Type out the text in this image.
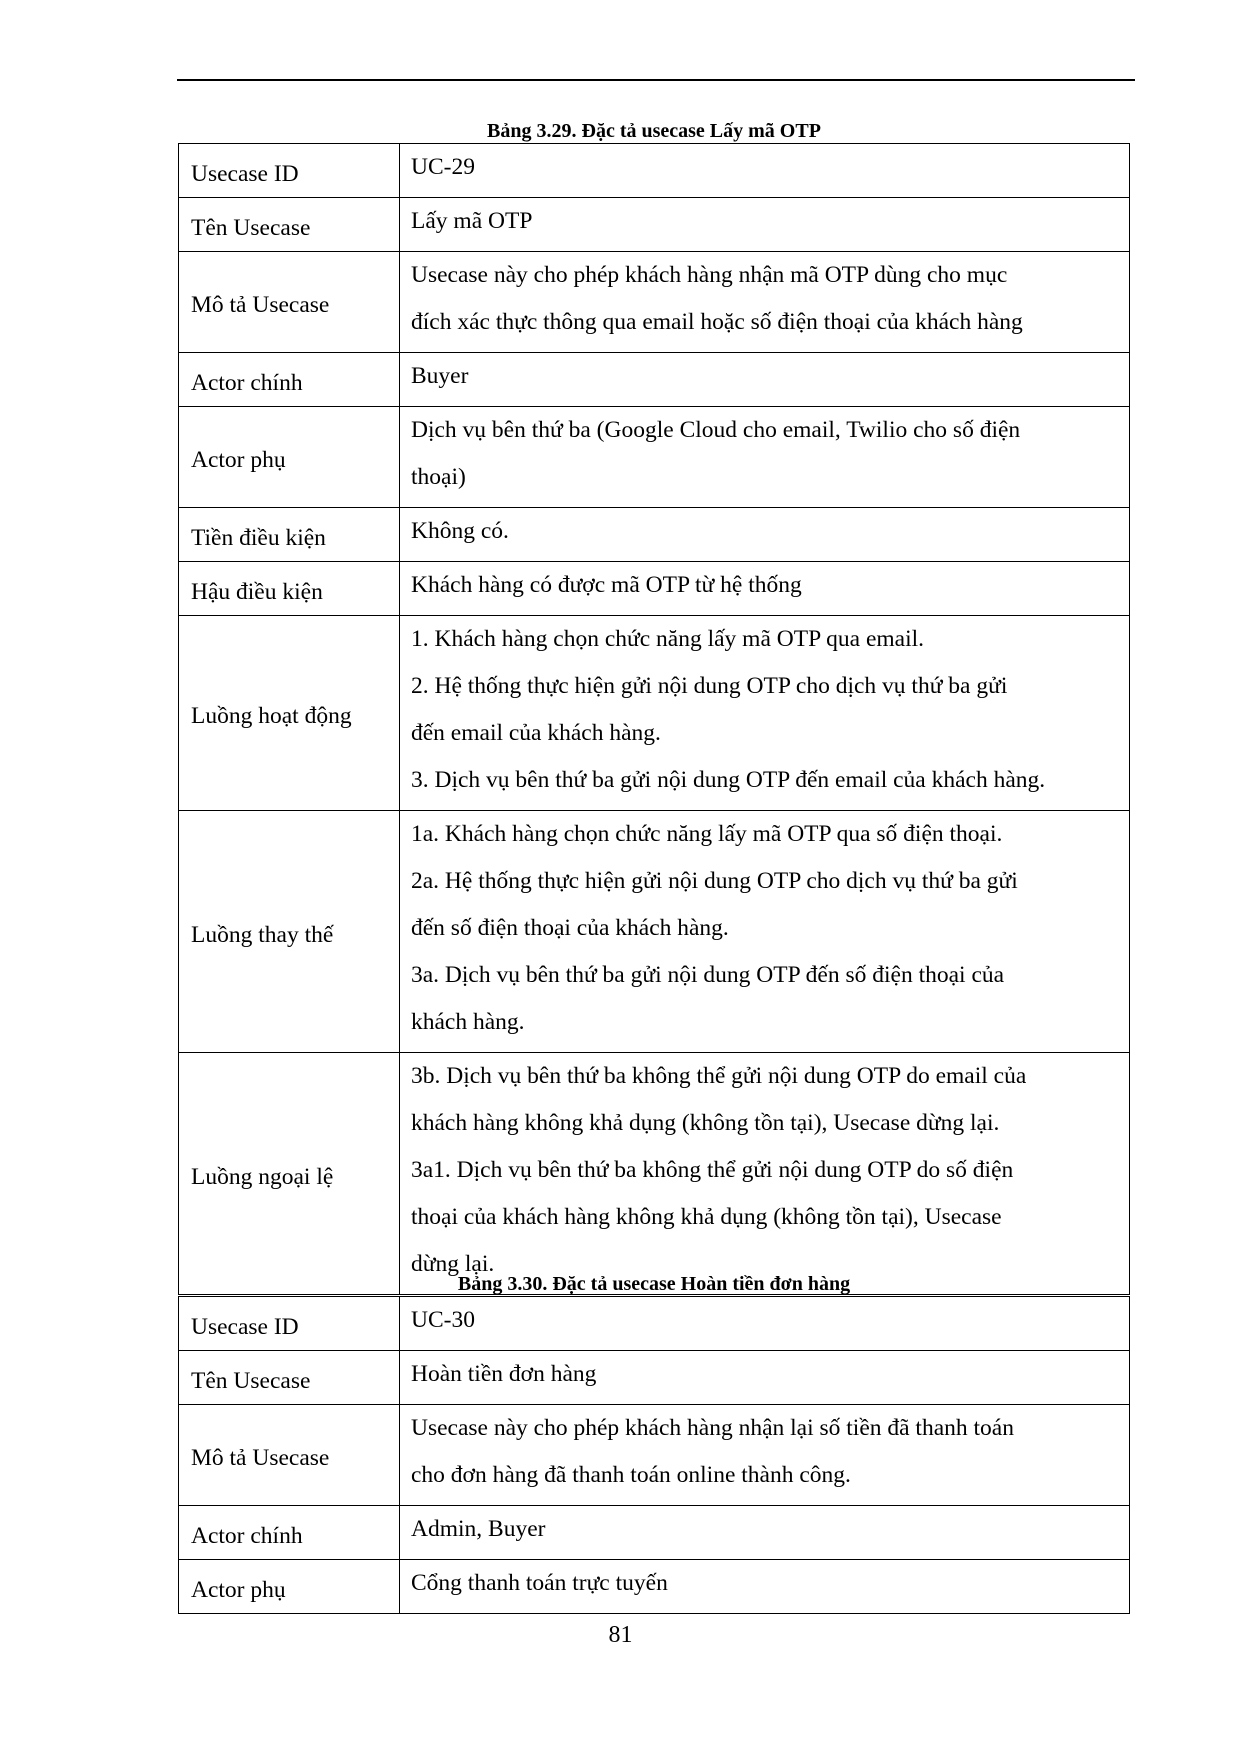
Bảng 3.29. Đặc tả usecase Lấy mã OTP
Usecase ID	UC-29

Tên Usecase	Lấy mã OTP

Mô tả Usecase	Usecase này cho phép khách hàng nhận mã OTP dùng cho mục
đích xác thực thông qua email hoặc số điện thoại của khách hàng

Actor chính	Buyer

Actor phụ	Dịch vụ bên thứ ba (Google Cloud cho email, Twilio cho số điện
thoại)

Tiền điều kiện	Không có.

Hậu điều kiện	Khách hàng có được mã OTP từ hệ thống

Luồng hoạt động	1. Khách hàng chọn chức năng lấy mã OTP qua email.
2. Hệ thống thực hiện gửi nội dung OTP cho dịch vụ thứ ba gửi
đến email của khách hàng.
3. Dịch vụ bên thứ ba gửi nội dung OTP đến email của khách hàng.

Luồng thay thế	1a. Khách hàng chọn chức năng lấy mã OTP qua số điện thoại.
2a. Hệ thống thực hiện gửi nội dung OTP cho dịch vụ thứ ba gửi
đến số điện thoại của khách hàng.
3a. Dịch vụ bên thứ ba gửi nội dung OTP đến số điện thoại của
khách hàng.

Luồng ngoại lệ	3b. Dịch vụ bên thứ ba không thể gửi nội dung OTP do email của
khách hàng không khả dụng (không tồn tại), Usecase dừng lại.
3a1. Dịch vụ bên thứ ba không thể gửi nội dung OTP do số điện
thoại của khách hàng không khả dụng (không tồn tại), Usecase
dừng lại.
Bảng 3.30. Đặc tả usecase Hoàn tiền đơn hàng
Usecase ID	UC-30

Tên Usecase	Hoàn tiền đơn hàng

Mô tả Usecase	Usecase này cho phép khách hàng nhận lại số tiền đã thanh toán
cho đơn hàng đã thanh toán online thành công.

Actor chính	Admin, Buyer

Actor phụ	Cổng thanh toán trực tuyến
81
